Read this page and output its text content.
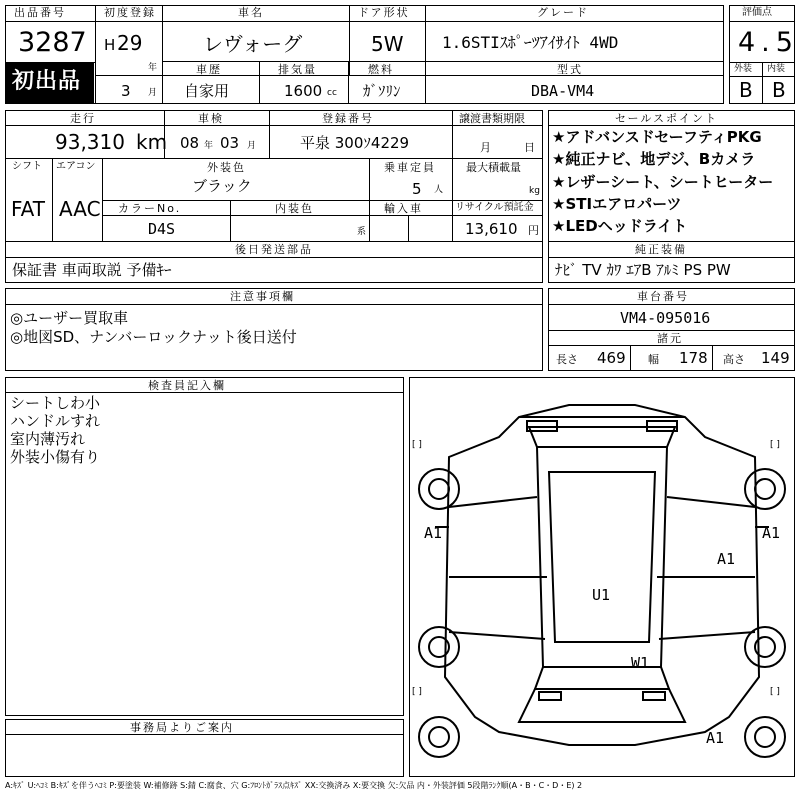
出品番号
3287
初出品
初度登録
H 29
年
3 月
車名
レヴォーグ
ドア形状
5W
グレード
1.6STIｽﾎﾟｰﾂｱｲｻｲﾄ 4WD
車歴
自家用
排気量
1600 cc
燃料
ｶﾞｿﾘﾝ
型式
DBA-VM4
評価点
4.5
外装 内装
B B
走行
93,310 km
車検
08 年 03 月
登録番号
平泉 300ｿ4229
譲渡書類期限
月	日
シフト
FAT
エアコン
AAC
外装色
ブラック
乗車定員
5 人
最大積載量
kg
カラーNo.
D4S
内装色
系
輸入車	リサイクル預託金
13,610 円
後日発送部品
保証書 車両取説 予備ｷｰ
セールスポイント
★アドバンスドセーフティPKG
★純正ナビ、地デジ、Bカメラ
★レザーシート、シートヒーター
★STIエアロパーツ
★LEDヘッドライト
純正装備
ﾅﾋﾞ TV ｶﾜ ｴｱB ｱﾙﾐ PS PW
注意事項欄
◎ユーザー買取車
◎地図SD、ナンバーロックナット後日送付
車台番号
VM4-095016
諸元
長さ 469 幅 178 高さ 149
検査員記入欄
シートしわ小
ハンドルすれ
室内薄汚れ
外装小傷有り
事務局よりご案内
[ ]	[ ]
[ ]	[ ]
A1	A1
A1
U1
W1
A1
A:ｷｽﾞ U:ﾍｺﾐ B:ｷｽﾞを伴うﾍｺﾐ P:要塗装 W:補修跡 S:錆 C:腐食、穴 G:ﾌﾛﾝﾄｶﾞﾗｽ点ｷｽﾞ XX:交換済み X:要交換 欠:欠品 内・外装評価 5段階ﾗﾝｸ順(A・B・C・D・E) 2
